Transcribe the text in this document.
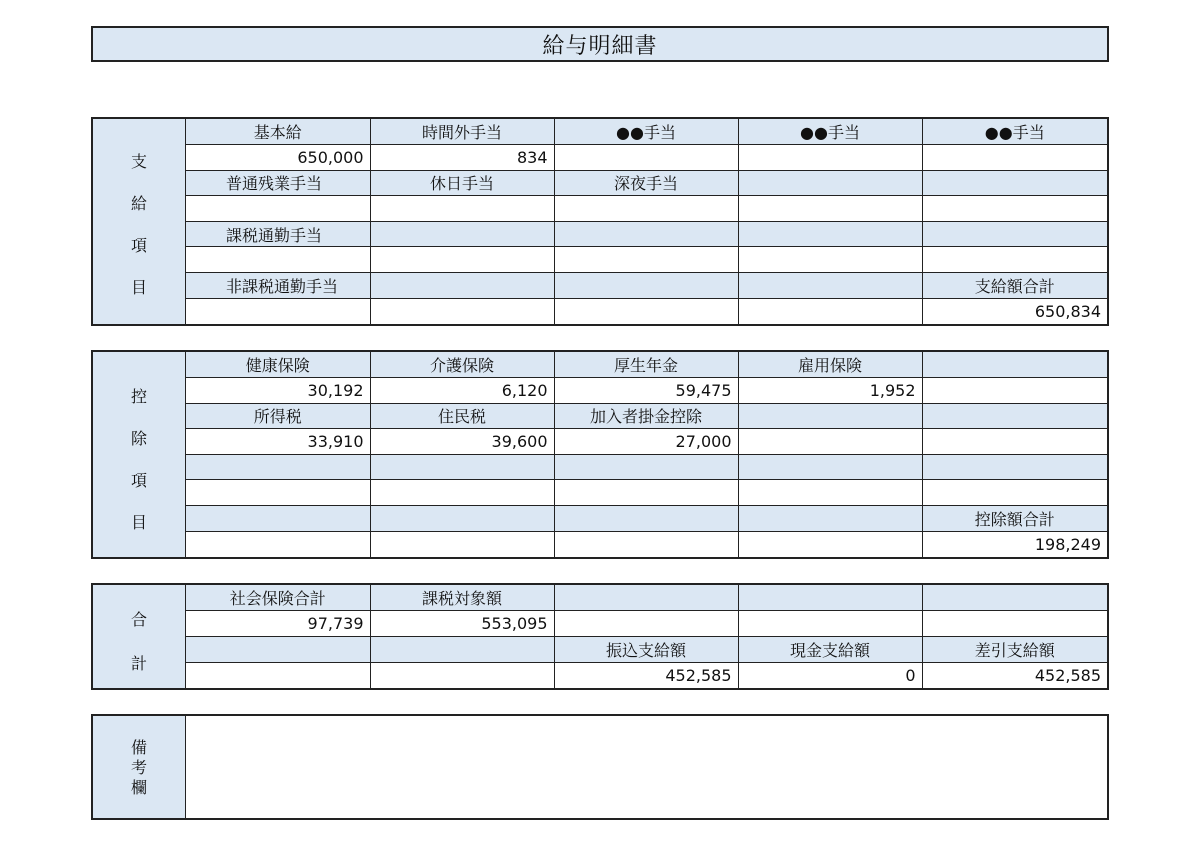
給与明細書
支
給
項
目
基本給	時間外手当	●●手当	●●手当	●●手当
650,000	834			
普通残業手当	休日手当	深夜手当		

課税通勤手当				

非課税通勤手当				支給額合計
				650,834
控
除
項
目
健康保険	介護保険	厚生年金	雇用保険	
30,192	6,120	59,475	1,952	
所得税	住民税	加入者掛金控除		
33,910	39,600	27,000		

				控除額合計
				198,249
合
計
社会保険合計	課税対象額			
97,739	553,095			
		振込支給額	現金支給額	差引支給額
		452,585	0	452,585
備
考
欄
